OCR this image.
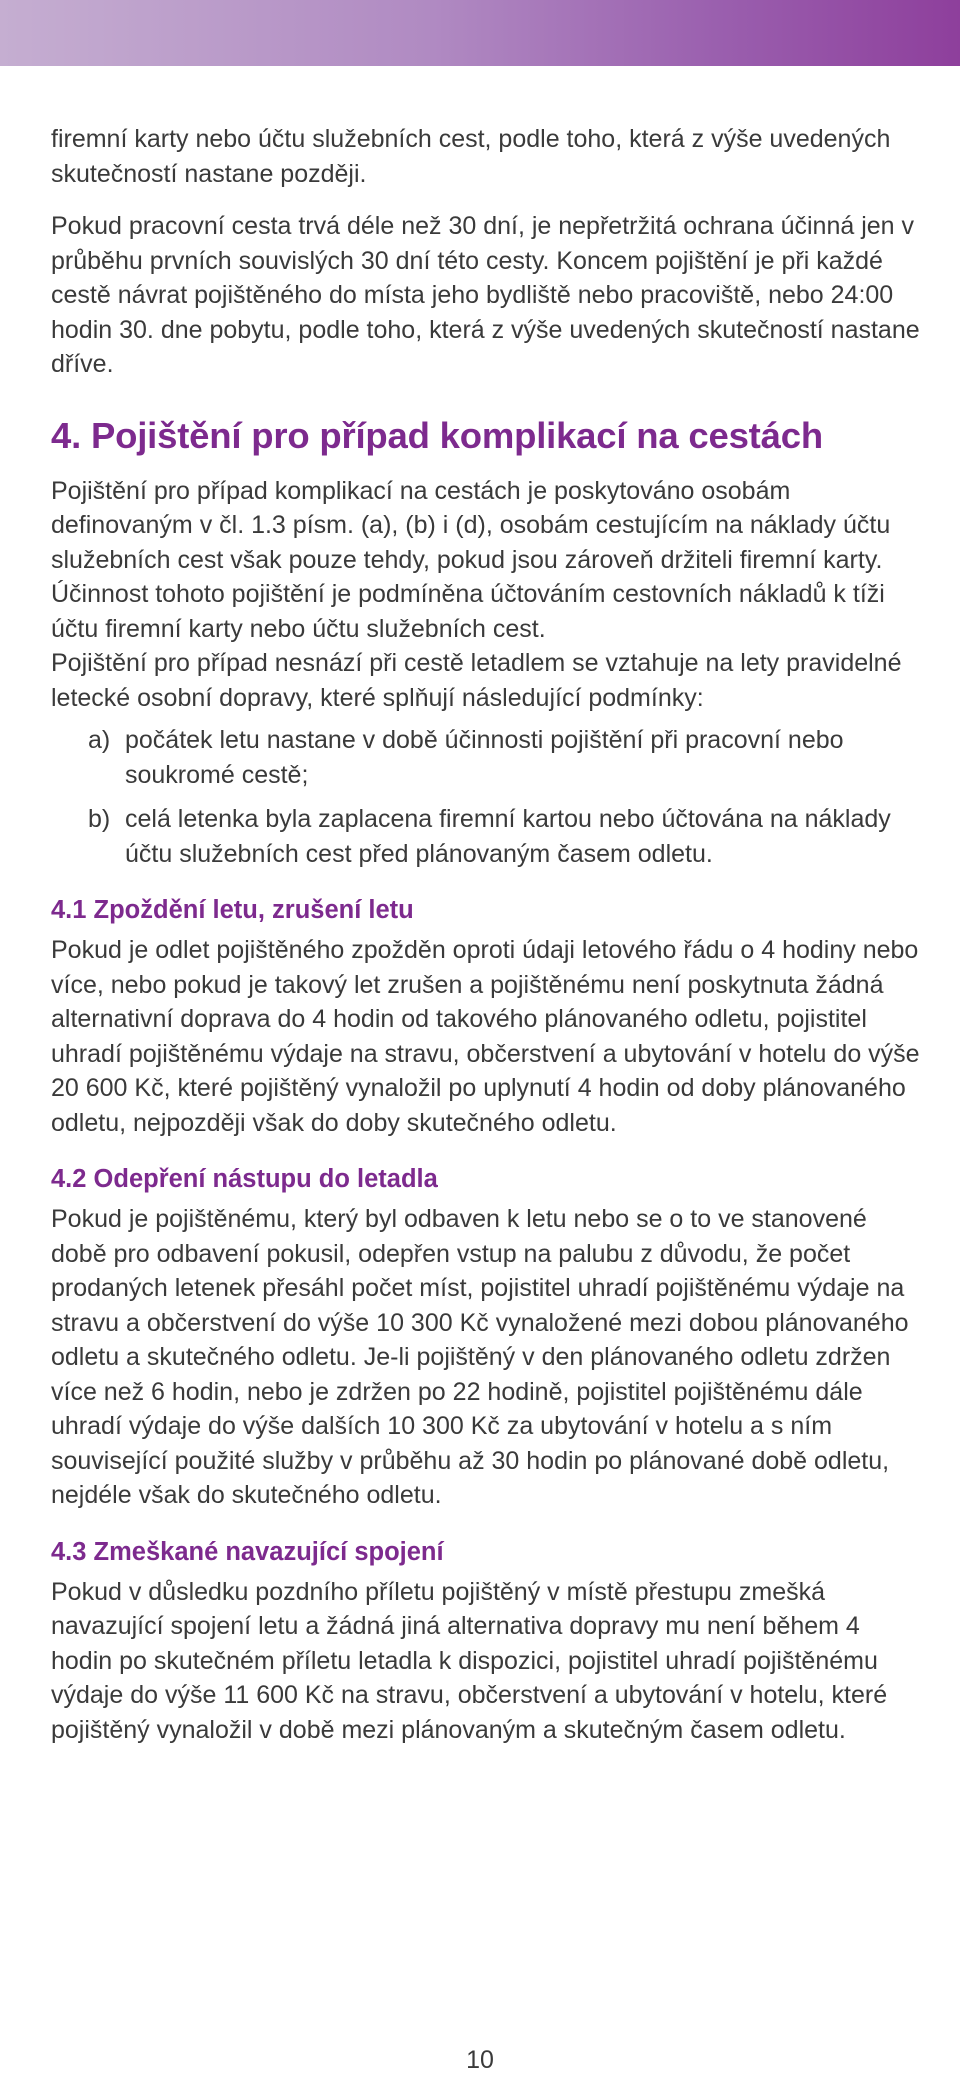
firemní karty nebo účtu služebních cest, podle toho, která z výše uvedených skutečností nastane později.

Pokud pracovní cesta trvá déle než 30 dní, je nepřetržitá ochrana účinná jen v průběhu prvních souvislých 30 dní této cesty. Koncem pojištění je při každé cestě návrat pojištěného do místa jeho bydliště nebo pracoviště, nebo 24:00 hodin 30. dne pobytu, podle toho, která z výše uvedených skutečností nastane dříve.

4. Pojištění pro případ komplikací na cestách

Pojištění pro případ komplikací na cestách je poskytováno osobám definovaným v čl. 1.3 písm. (a), (b) i (d), osobám cestujícím na náklady účtu služebních cest však pouze tehdy, pokud jsou zároveň držiteli firemní karty.

Účinnost tohoto pojištění je podmíněna účtováním cestovních nákladů k tíži účtu firemní karty nebo účtu služebních cest.

Pojištění pro případ nesnází při cestě letadlem se vztahuje na lety pravidelné letecké osobní dopravy, které splňují následující podmínky:

a) počátek letu nastane v době účinnosti pojištění při pracovní nebo soukromé cestě;
b) celá letenka byla zaplacena firemní kartou nebo účtována na náklady účtu služebních cest před plánovaným časem odletu.
4.1 Zpoždění letu, zrušení letu

Pokud je odlet pojištěného zpožděn oproti údaji letového řádu o 4 hodiny nebo více, nebo pokud je takový let zrušen a pojištěnému není poskytnuta žádná alternativní doprava do 4 hodin od takového plánovaného odletu, pojistitel uhradí pojištěnému výdaje na stravu, občerstvení a ubytování v hotelu do výše 20 600 Kč, které pojištěný vynaložil po uplynutí 4 hodin od doby plánovaného odletu, nejpozději však do doby skutečného odletu.

4.2 Odepření nástupu do letadla

Pokud je pojištěnému, který byl odbaven k letu nebo se o to ve stanovené době pro odbavení pokusil, odepřen vstup na palubu z důvodu, že počet prodaných letenek přesáhl počet míst, pojistitel uhradí pojištěnému výdaje na stravu a občerstvení do výše 10 300 Kč vynaložené mezi dobou plánovaného odletu a skutečného odletu. Je-li pojištěný v den plánovaného odletu zdržen více než 6 hodin, nebo je zdržen po 22 hodině, pojistitel pojištěnému dále uhradí výdaje do výše dalších 10 300 Kč za ubytování v hotelu a s ním související použité služby v průběhu až 30 hodin po plánované době odletu, nejdéle však do skutečného odletu.

4.3 Zmeškané navazující spojení

Pokud v důsledku pozdního příletu pojištěný v místě přestupu zmešká navazující spojení letu a žádná jiná alternativa dopravy mu není během 4 hodin po skutečném příletu letadla k dispozici, pojistitel uhradí pojištěnému výdaje do výše 11 600 Kč na stravu, občerstvení a ubytování v hotelu, které pojištěný vynaložil v době mezi plánovaným a skutečným časem odletu.

10
